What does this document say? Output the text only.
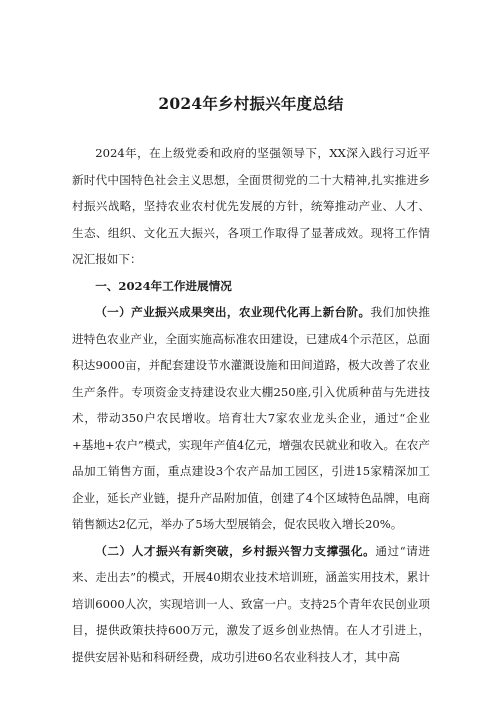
2024年乡村振兴年度总结

2024年，在上级党委和政府的坚强领导下，XX深入践行习近平新时代中国特色社会主义思想，全面贯彻党的二十大精神,扎实推进乡村振兴战略，坚持农业农村优先发展的方针，统筹推动产业、人才、生态、组织、文化五大振兴，各项工作取得了显著成效。现将工作情况汇报如下：

一、2024年工作进展情况

（一）产业振兴成果突出，农业现代化再上新台阶。我们加快推进特色农业产业，全面实施高标准农田建设，已建成4个示范区，总面积达9000亩，并配套建设节水灌溉设施和田间道路，极大改善了农业生产条件。专项资金支持建设农业大棚250座,引入优质种苗与先进技术，带动350户农民增收。培育壮大7家农业龙头企业，通过“企业+基地+农户”模式，实现年产值4亿元，增强农民就业和收入。在农产品加工销售方面，重点建设3个农产品加工园区，引进15家精深加工企业，延长产业链，提升产品附加值，创建了4个区域特色品牌，电商销售额达2亿元，举办了5场大型展销会，促农民收入增长20%。

（二）人才振兴有新突破，乡村振兴智力支撑强化。通过“请进来、走出去”的模式，开展40期农业技术培训班，涵盖实用技术，累计培训6000人次，实现培训一人、致富一户。支持25个青年农民创业项目，提供政策扶持600万元，激发了返乡创业热情。在人才引进上，提供安居补贴和科研经费，成功引进60名农业科技人才，其中高
